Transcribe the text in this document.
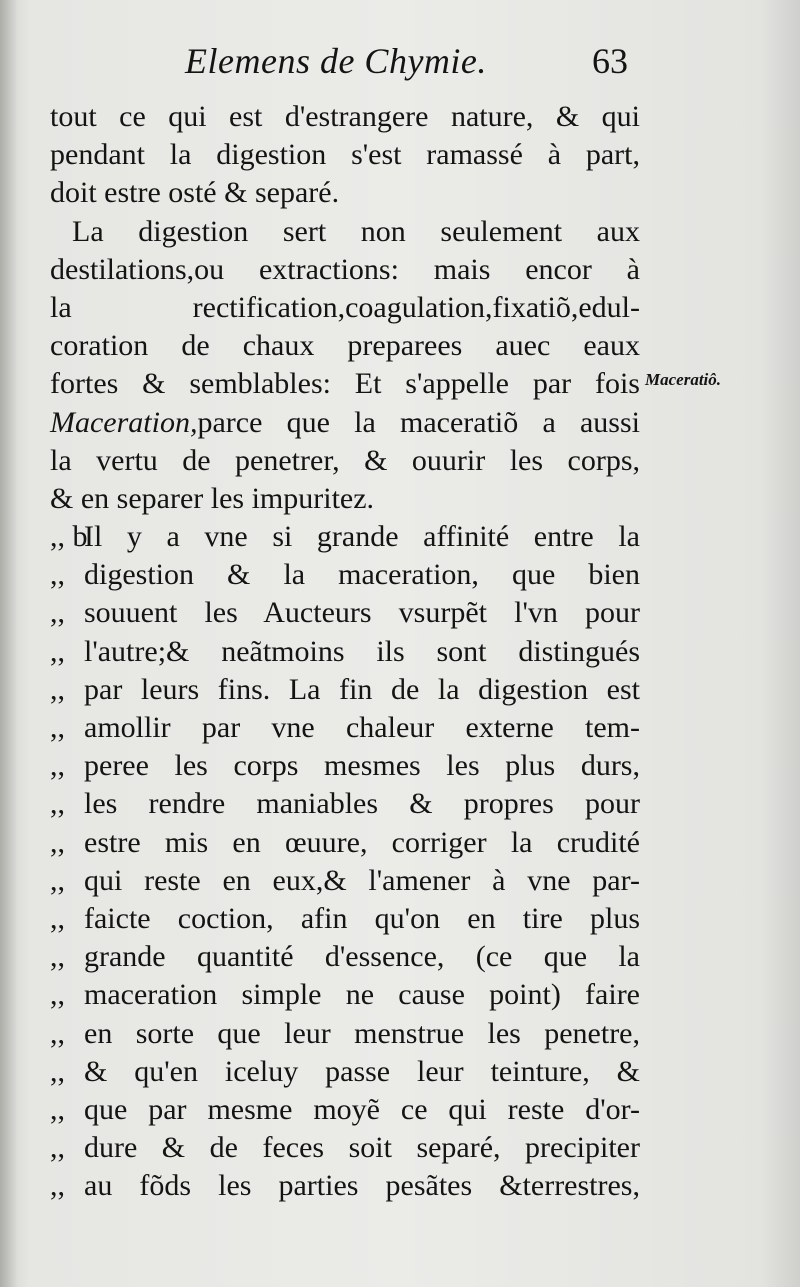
Elemens de Chymie.	63
Maceratiô.
tout ce qui est d'estrangere nature, & qui
pendant la digestion s'est ramassé à part,
doit estre osté & separé.
La digestion sert non seulement aux
destilations,ou extractions: mais encor à
la rectification,coagulation,fixatiõ,edul-
coration de chaux preparees auec eaux
fortes & semblables: Et s'appelle par fois
Maceration,parce que la maceratiõ a aussi
la vertu de penetrer, & ouurir les corps,
& en separer les impuritez.
,, bIl y a vne si grande affinité entre la
,, digestion & la maceration, que bien
,, souuent les Aucteurs vsurpẽt l'vn pour
,, l'autre;& neãtmoins ils sont distingués
,, par leurs fins. La fin de la digestion est
,, amollir par vne chaleur externe tem-
,, peree les corps mesmes les plus durs,
,, les rendre maniables & propres pour
,, estre mis en œuure, corriger la crudité
,, qui reste en eux,& l'amener à vne par-
,, faicte coction, afin qu'on en tire plus
,, grande quantité d'essence, (ce que la
,, maceration simple ne cause point) faire
,, en sorte que leur menstrue les penetre,
,, & qu'en iceluy passe leur teinture, &
,, que par mesme moyẽ ce qui reste d'or-
,, dure & de feces soit separé, precipiter
,, au fõds les parties pesãtes &terrestres,
